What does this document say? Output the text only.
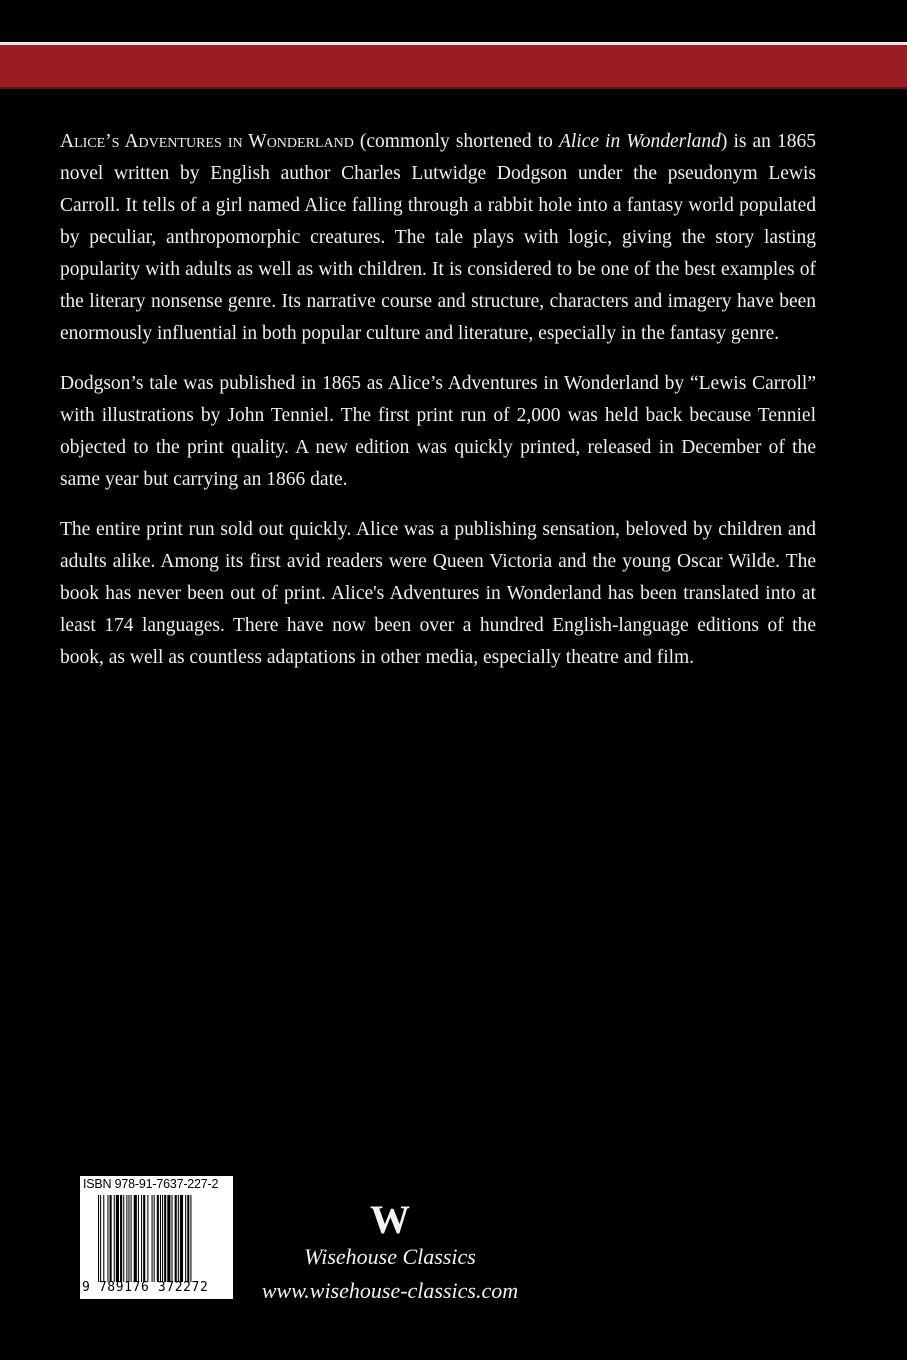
Alice’s Adventures in Wonderland (commonly shortened to Alice in Wonderland) is an 1865 novel written by English author Charles Lutwidge Dodgson under the pseudonym Lewis Carroll. It tells of a girl named Alice falling through a rabbit hole into a fantasy world populated by peculiar, anthropomorphic creatures. The tale plays with logic, giving the story lasting popularity with adults as well as with children. It is considered to be one of the best examples of the literary nonsense genre. Its narrative course and structure, characters and imagery have been enormously influential in both popular culture and literature, especially in the fantasy genre.

Dodgson’s tale was published in 1865 as Alice’s Adventures in Wonderland by “Lewis Carroll” with illustrations by John Tenniel. The first print run of 2,000 was held back because Tenniel objected to the print quality. A new edition was quickly printed, released in December of the same year but carrying an 1866 date.

The entire print run sold out quickly. Alice was a publishing sensation, beloved by children and adults alike. Among its first avid readers were Queen Victoria and the young Oscar Wilde. The book has never been out of print. Alice's Adventures in Wonderland has been translated into at least 174 languages. There have now been over a hundred English-language editions of the book, as well as countless adaptations in other media, especially theatre and film.

ISBN 978-91-7637-227-2
9 789176 372272
W
Wisehouse Classics
www.wisehouse-classics.com
